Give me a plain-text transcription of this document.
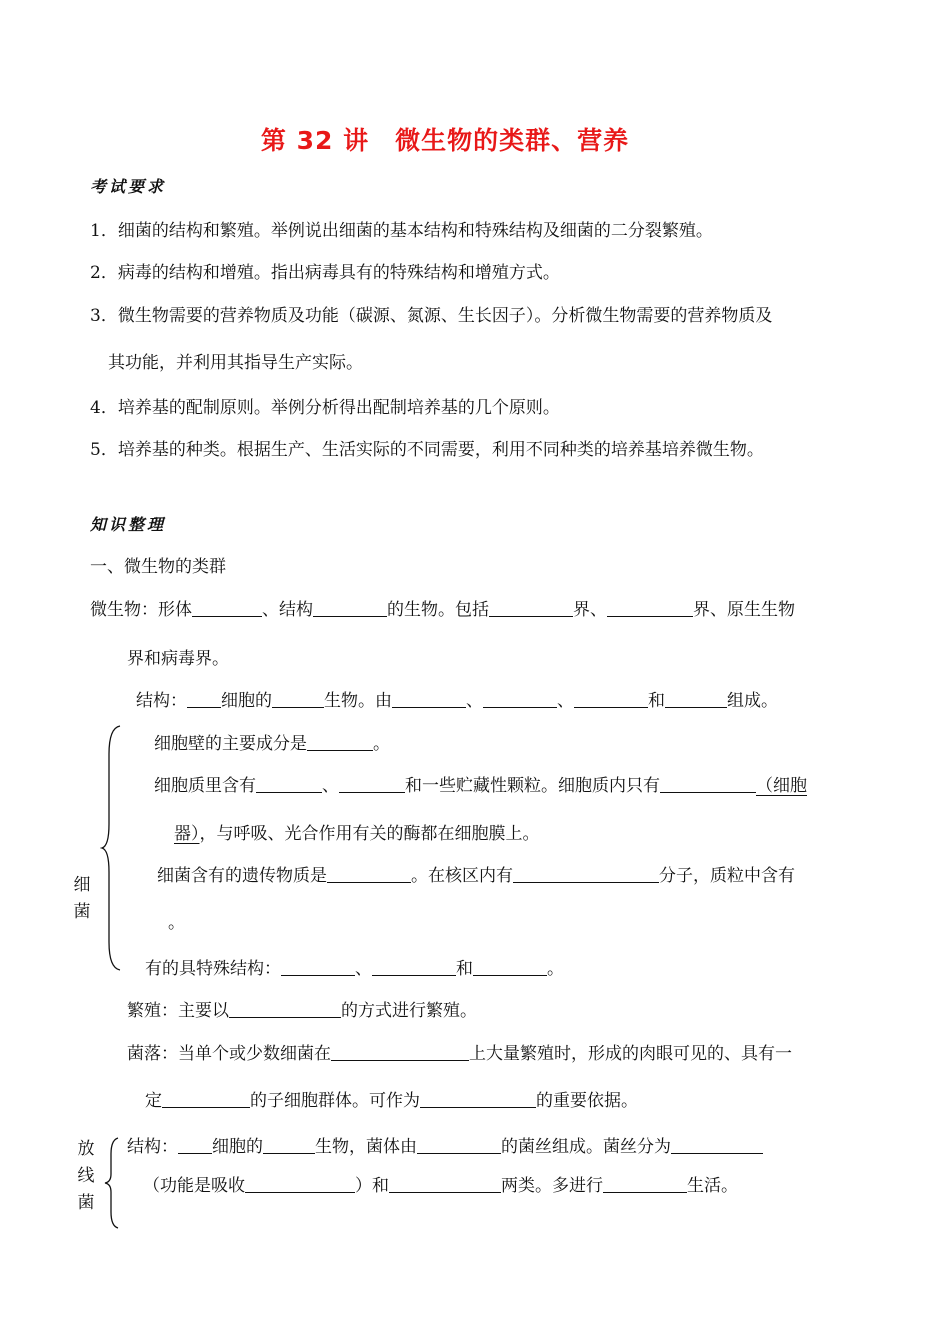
第 32 讲　微生物的类群、营养
考试要求
1．细菌的结构和繁殖。举例说出细菌的基本结构和特殊结构及细菌的二分裂繁殖。
2．病毒的结构和增殖。指出病毒具有的特殊结构和增殖方式。
3．微生物需要的营养物质及功能（碳源、氮源、生长因子）。分析微生物需要的营养物质及
其功能，并利用其指导生产实际。
4．培养基的配制原则。举例分析得出配制培养基的几个原则。
5．培养基的种类。根据生产、生活实际的不同需要，利用不同种类的培养基培养微生物。
知识整理
一、微生物的类群
微生物：形体	、结构	的生物。包括	界、	界、原生生物
界和病毒界。
结构： 细胞的	生物。由	、	、	和	组成。
细菌
细胞壁的主要成分是	。
细胞质里含有	、	和一些贮藏性颗粒。细胞质内只有	（细胞
器），与呼吸、光合作用有关的酶都在细胞膜上。
细菌含有的遗传物质是	。在核区内有	分子，质粒中含有
。
有的具特殊结构：	、	和	。
繁殖：主要以	的方式进行繁殖。
菌落：当单个或少数细菌在	上大量繁殖时，形成的肉眼可见的、具有一
定	的子细胞群体。可作为	的重要依据。
放线菌
结构： 细胞的	生物，菌体由	的菌丝组成。菌丝分为
（功能是吸收	）和	两类。多进行	生活。
